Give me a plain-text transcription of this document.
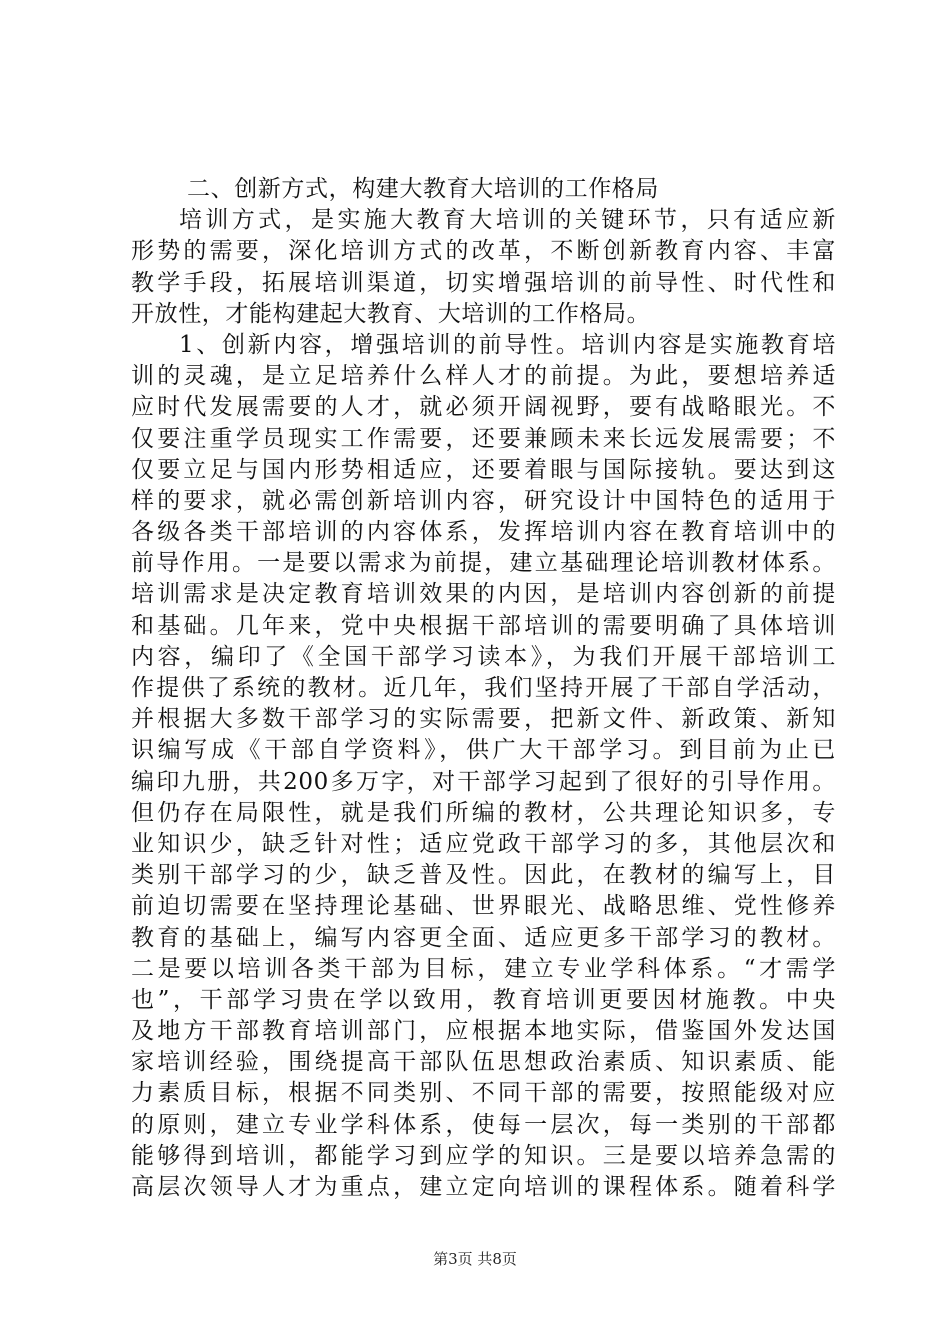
二、创新方式，构建大教育大培训的工作格局
培训方式，是实施大教育大培训的关键环节，只有适应新
形势的需要，深化培训方式的改革，不断创新教育内容、丰富
教学手段，拓展培训渠道，切实增强培训的前导性、时代性和
开放性，才能构建起大教育、大培训的工作格局。
1、创新内容，增强培训的前导性。培训内容是实施教育培
训的灵魂，是立足培养什么样人才的前提。为此，要想培养适
应时代发展需要的人才，就必须开阔视野，要有战略眼光。不
仅要注重学员现实工作需要，还要兼顾未来长远发展需要；不
仅要立足与国内形势相适应，还要着眼与国际接轨。要达到这
样的要求，就必需创新培训内容，研究设计中国特色的适用于
各级各类干部培训的内容体系，发挥培训内容在教育培训中的
前导作用。一是要以需求为前提，建立基础理论培训教材体系。
培训需求是决定教育培训效果的内因，是培训内容创新的前提
和基础。几年来，党中央根据干部培训的需要明确了具体培训
内容，编印了《全国干部学习读本》，为我们开展干部培训工
作提供了系统的教材。近几年，我们坚持开展了干部自学活动，
并根据大多数干部学习的实际需要，把新文件、新政策、新知
识编写成《干部自学资料》，供广大干部学习。到目前为止已
编印九册，共200多万字，对干部学习起到了很好的引导作用。
但仍存在局限性，就是我们所编的教材，公共理论知识多，专
业知识少，缺乏针对性；适应党政干部学习的多，其他层次和
类别干部学习的少，缺乏普及性。因此，在教材的编写上，目
前迫切需要在坚持理论基础、世界眼光、战略思维、党性修养
教育的基础上，编写内容更全面、适应更多干部学习的教材。
二是要以培训各类干部为目标，建立专业学科体系。“才需学
也”，干部学习贵在学以致用，教育培训更要因材施教。中央
及地方干部教育培训部门，应根据本地实际，借鉴国外发达国
家培训经验，围绕提高干部队伍思想政治素质、知识素质、能
力素质目标，根据不同类别、不同干部的需要，按照能级对应
的原则，建立专业学科体系，使每一层次，每一类别的干部都
能够得到培训，都能学习到应学的知识。三是要以培养急需的
高层次领导人才为重点，建立定向培训的课程体系。随着科学
第3页 共8页
